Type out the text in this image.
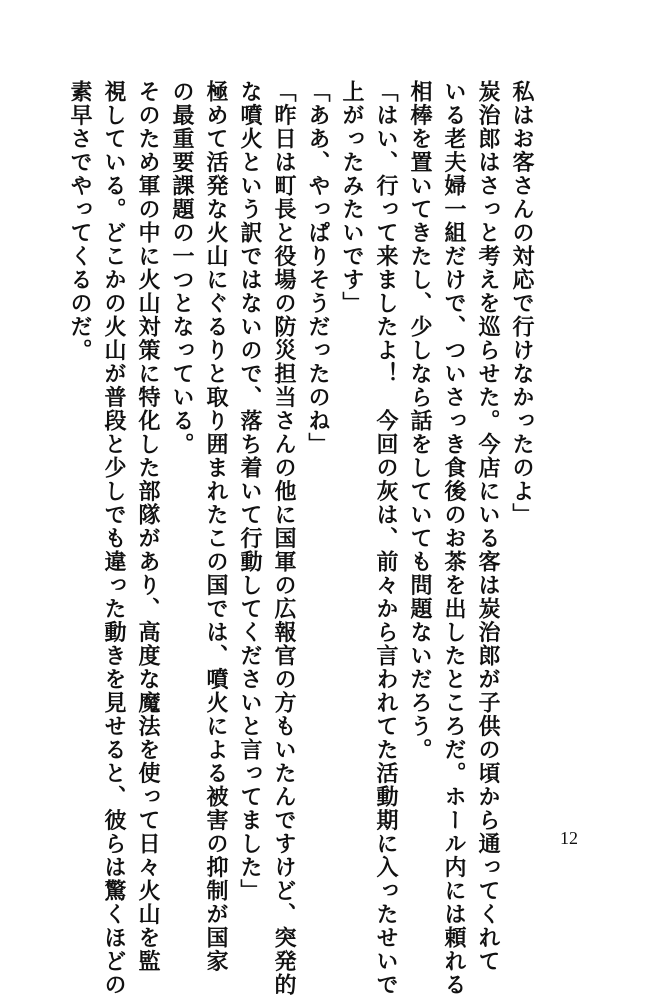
私はお客さんの対応で行けなかったのよ」
炭治郎はさっと考えを巡らせた。今店にいる客は炭治郎が子供の頃から通ってくれて
いる老夫婦一組だけで、ついさっき食後のお茶を出したところだ。ホール内には頼れる
相棒を置いてきたし、少しなら話をしていても問題ないだろう。
「はい、行って来ましたよ！　今回の灰は、前々から言われてた活動期に入ったせいで
上がったみたいです」
「ああ、やっぱりそうだったのね」
「昨日は町長と役場の防災担当さんの他に国軍の広報官の方もいたんですけど、突発的
な噴火という訳ではないので、落ち着いて行動してくださいと言ってました」
極めて活発な火山にぐるりと取り囲まれたこの国では、噴火による被害の抑制が国家
の最重要課題の一つとなっている。
そのため軍の中に火山対策に特化した部隊があり、高度な魔法を使って日々火山を監
視している。どこかの火山が普段と少しでも違った動きを見せると、彼らは驚くほどの
素早さでやってくるのだ。
12
